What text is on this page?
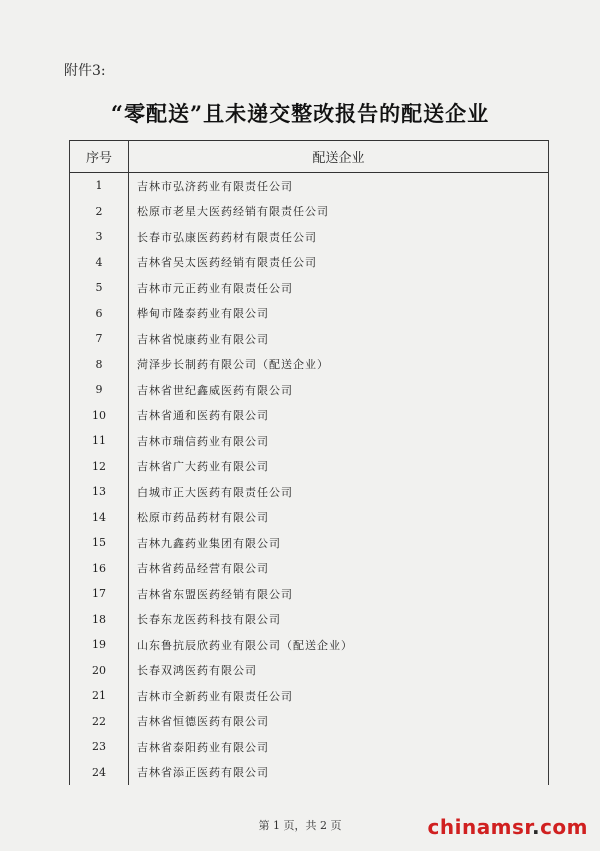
附件3:
“零配送”且未递交整改报告的配送企业
序号	配送企业
1	吉林市弘济药业有限责任公司
2	松原市老星大医药经销有限责任公司
3	长春市弘康医药药材有限责任公司
4	吉林省吴太医药经销有限责任公司
5	吉林市元正药业有限责任公司
6	桦甸市隆泰药业有限公司
7	吉林省悦康药业有限公司
8	菏泽步长制药有限公司（配送企业）
9	吉林省世纪鑫威医药有限公司
10	吉林省通和医药有限公司
11	吉林市瑞信药业有限公司
12	吉林省广大药业有限公司
13	白城市正大医药有限责任公司
14	松原市药品药材有限公司
15	吉林九鑫药业集团有限公司
16	吉林省药品经营有限公司
17	吉林省东盟医药经销有限公司
18	长春东龙医药科技有限公司
19	山东鲁抗辰欣药业有限公司（配送企业）
20	长春双鸿医药有限公司
21	吉林市全新药业有限责任公司
22	吉林省恒德医药有限公司
23	吉林省泰阳药业有限公司
24	吉林省添正医药有限公司
第 1 页，共 2 页	chinamsr.com
